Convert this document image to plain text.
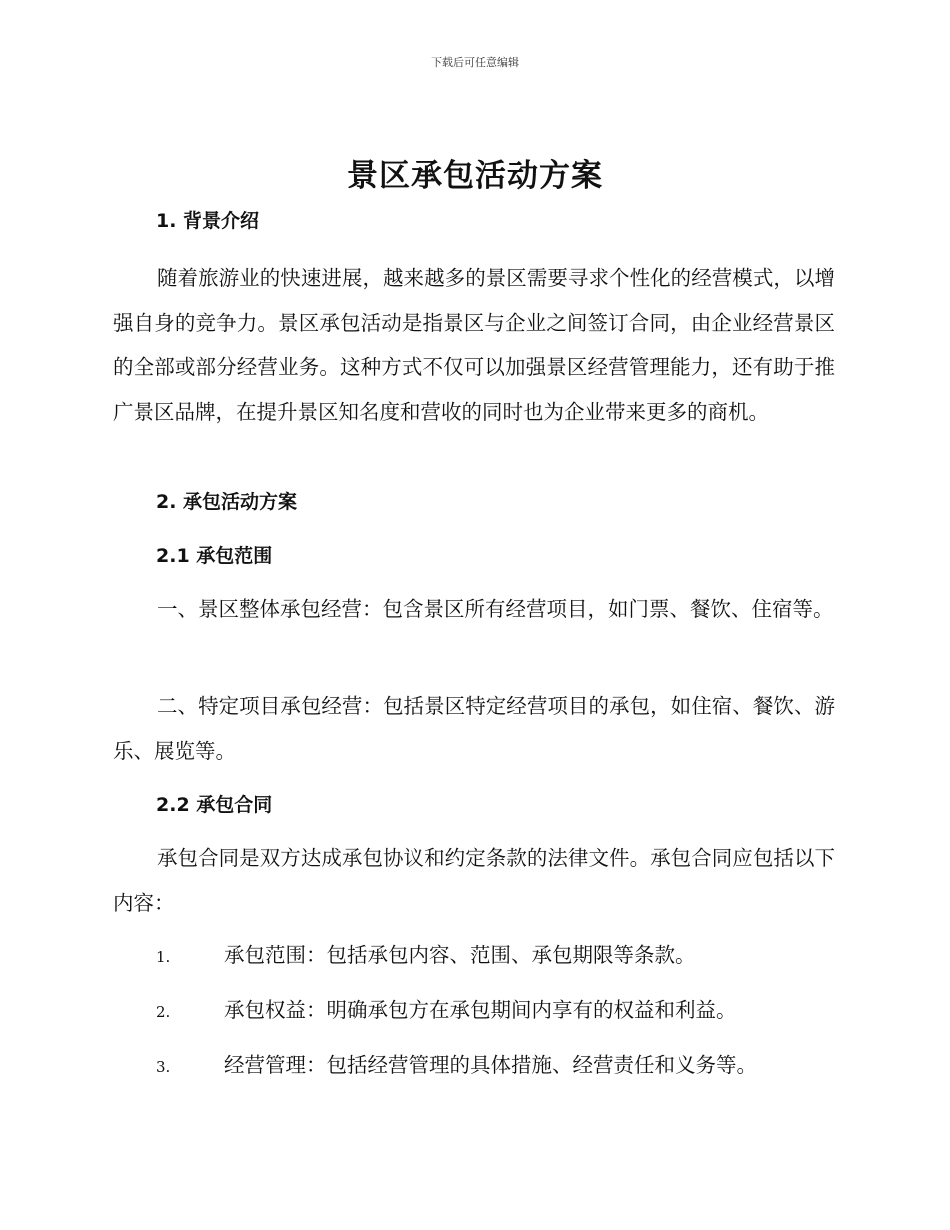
下载后可任意编辑
景区承包活动方案
1. 背景介绍

随着旅游业的快速进展，越来越多的景区需要寻求个性化的经营模式，以增强自身的竞争力。景区承包活动是指景区与企业之间签订合同，由企业经营景区的全部或部分经营业务。这种方式不仅可以加强景区经营管理能力，还有助于推广景区品牌，在提升景区知名度和营收的同时也为企业带来更多的商机。

2. 承包活动方案
2.1 承包范围

一、景区整体承包经营：包含景区所有经营项目，如门票、餐饮、住宿等。

二、特定项目承包经营：包括景区特定经营项目的承包，如住宿、餐饮、游乐、展览等。

2.2 承包合同

承包合同是双方达成承包协议和约定条款的法律文件。承包合同应包括以下内容：

1.	承包范围：包括承包内容、范围、承包期限等条款。
2.	承包权益：明确承包方在承包期间内享有的权益和利益。
3.	经营管理：包括经营管理的具体措施、经营责任和义务等。
